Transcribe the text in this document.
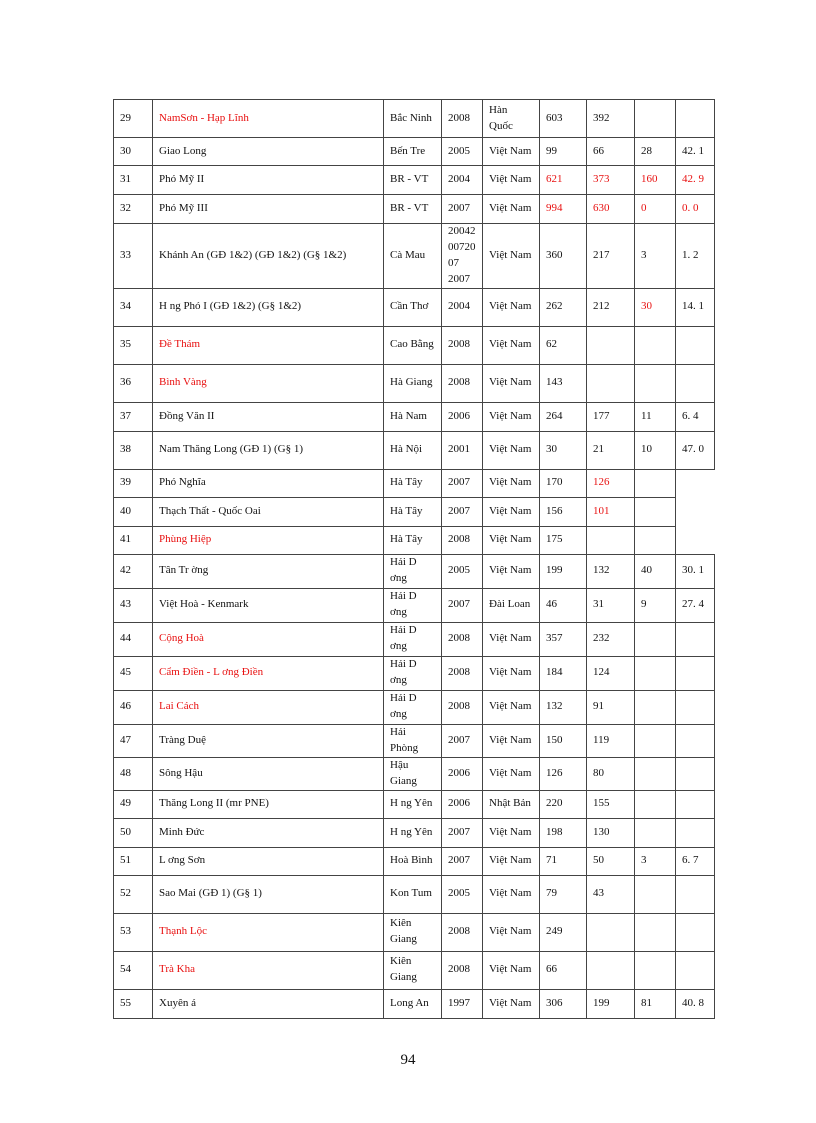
29	NamSơn - Hạp Lĩnh	Bắc Ninh	2008	Hàn Quốc	603	392		
30	Giao Long	Bến Tre	2005	Việt Nam	99	66	28	42. 1
31	Phó Mỹ II	BR - VT	2004	Việt Nam	621	373	160	42. 9
32	Phó Mỹ III	BR - VT	2007	Việt Nam	994	630	0	0. 0
33	Khánh An (GĐ 1&2) (GĐ 1&2) (G§ 1&2)	Cà Mau	20042 00720 07 2007	Việt Nam	360	217	3	1. 2
34	H ng Phó I (GĐ 1&2) (G§ 1&2)	Cần Thơ	2004	Việt Nam	262	212	30	14. 1
35	Đề Thám	Cao Bằng	2008	Việt Nam	62			
36	Bình Vàng	Hà Giang	2008	Việt Nam	143			
37	Đồng Văn II	Hà Nam	2006	Việt Nam	264	177	11	6. 4
38	Nam Thăng Long (GĐ 1) (G§ 1)	Hà Nội	2001	Việt Nam	30	21	10	47. 0
39	Phó Nghĩa	Hà Tây	2007	Việt Nam	170	126		
40	Thạch Thất - Quốc Oai	Hà Tây	2007	Việt Nam	156	101		
41	Phùng Hiệp	Hà Tây	2008	Việt Nam	175			
42	Tân Tr ờng	Hải D ơng	2005	Việt Nam	199	132	40	30. 1
43	Việt Hoà - Kenmark	Hải D ơng	2007	Đài Loan	46	31	9	27. 4
44	Cộng Hoà	Hải D ơng	2008	Việt Nam	357	232		
45	Cẩm Điền - L ơng Điền	Hải D ơng	2008	Việt Nam	184	124		
46	Lai Cách	Hải D ơng	2008	Việt Nam	132	91		
47	Tràng Duệ	Hải Phòng	2007	Việt Nam	150	119		
48	Sông Hậu	Hậu Giang	2006	Việt Nam	126	80		
49	Thăng Long II (mr PNE)	H ng Yên	2006	Nhật Bản	220	155		
50	Minh Đức	H ng Yên	2007	Việt Nam	198	130		
51	L ơng Sơn	Hoà Bình	2007	Việt Nam	71	50	3	6. 7
52	Sao Mai (GĐ 1) (G§ 1)	Kon Tum	2005	Việt Nam	79	43		
53	Thạnh Lộc	Kiên Giang	2008	Việt Nam	249			
54	Trà Kha	Kiên Giang	2008	Việt Nam	66			
55	Xuyên á	Long An	1997	Việt Nam	306	199	81	40. 8
94
